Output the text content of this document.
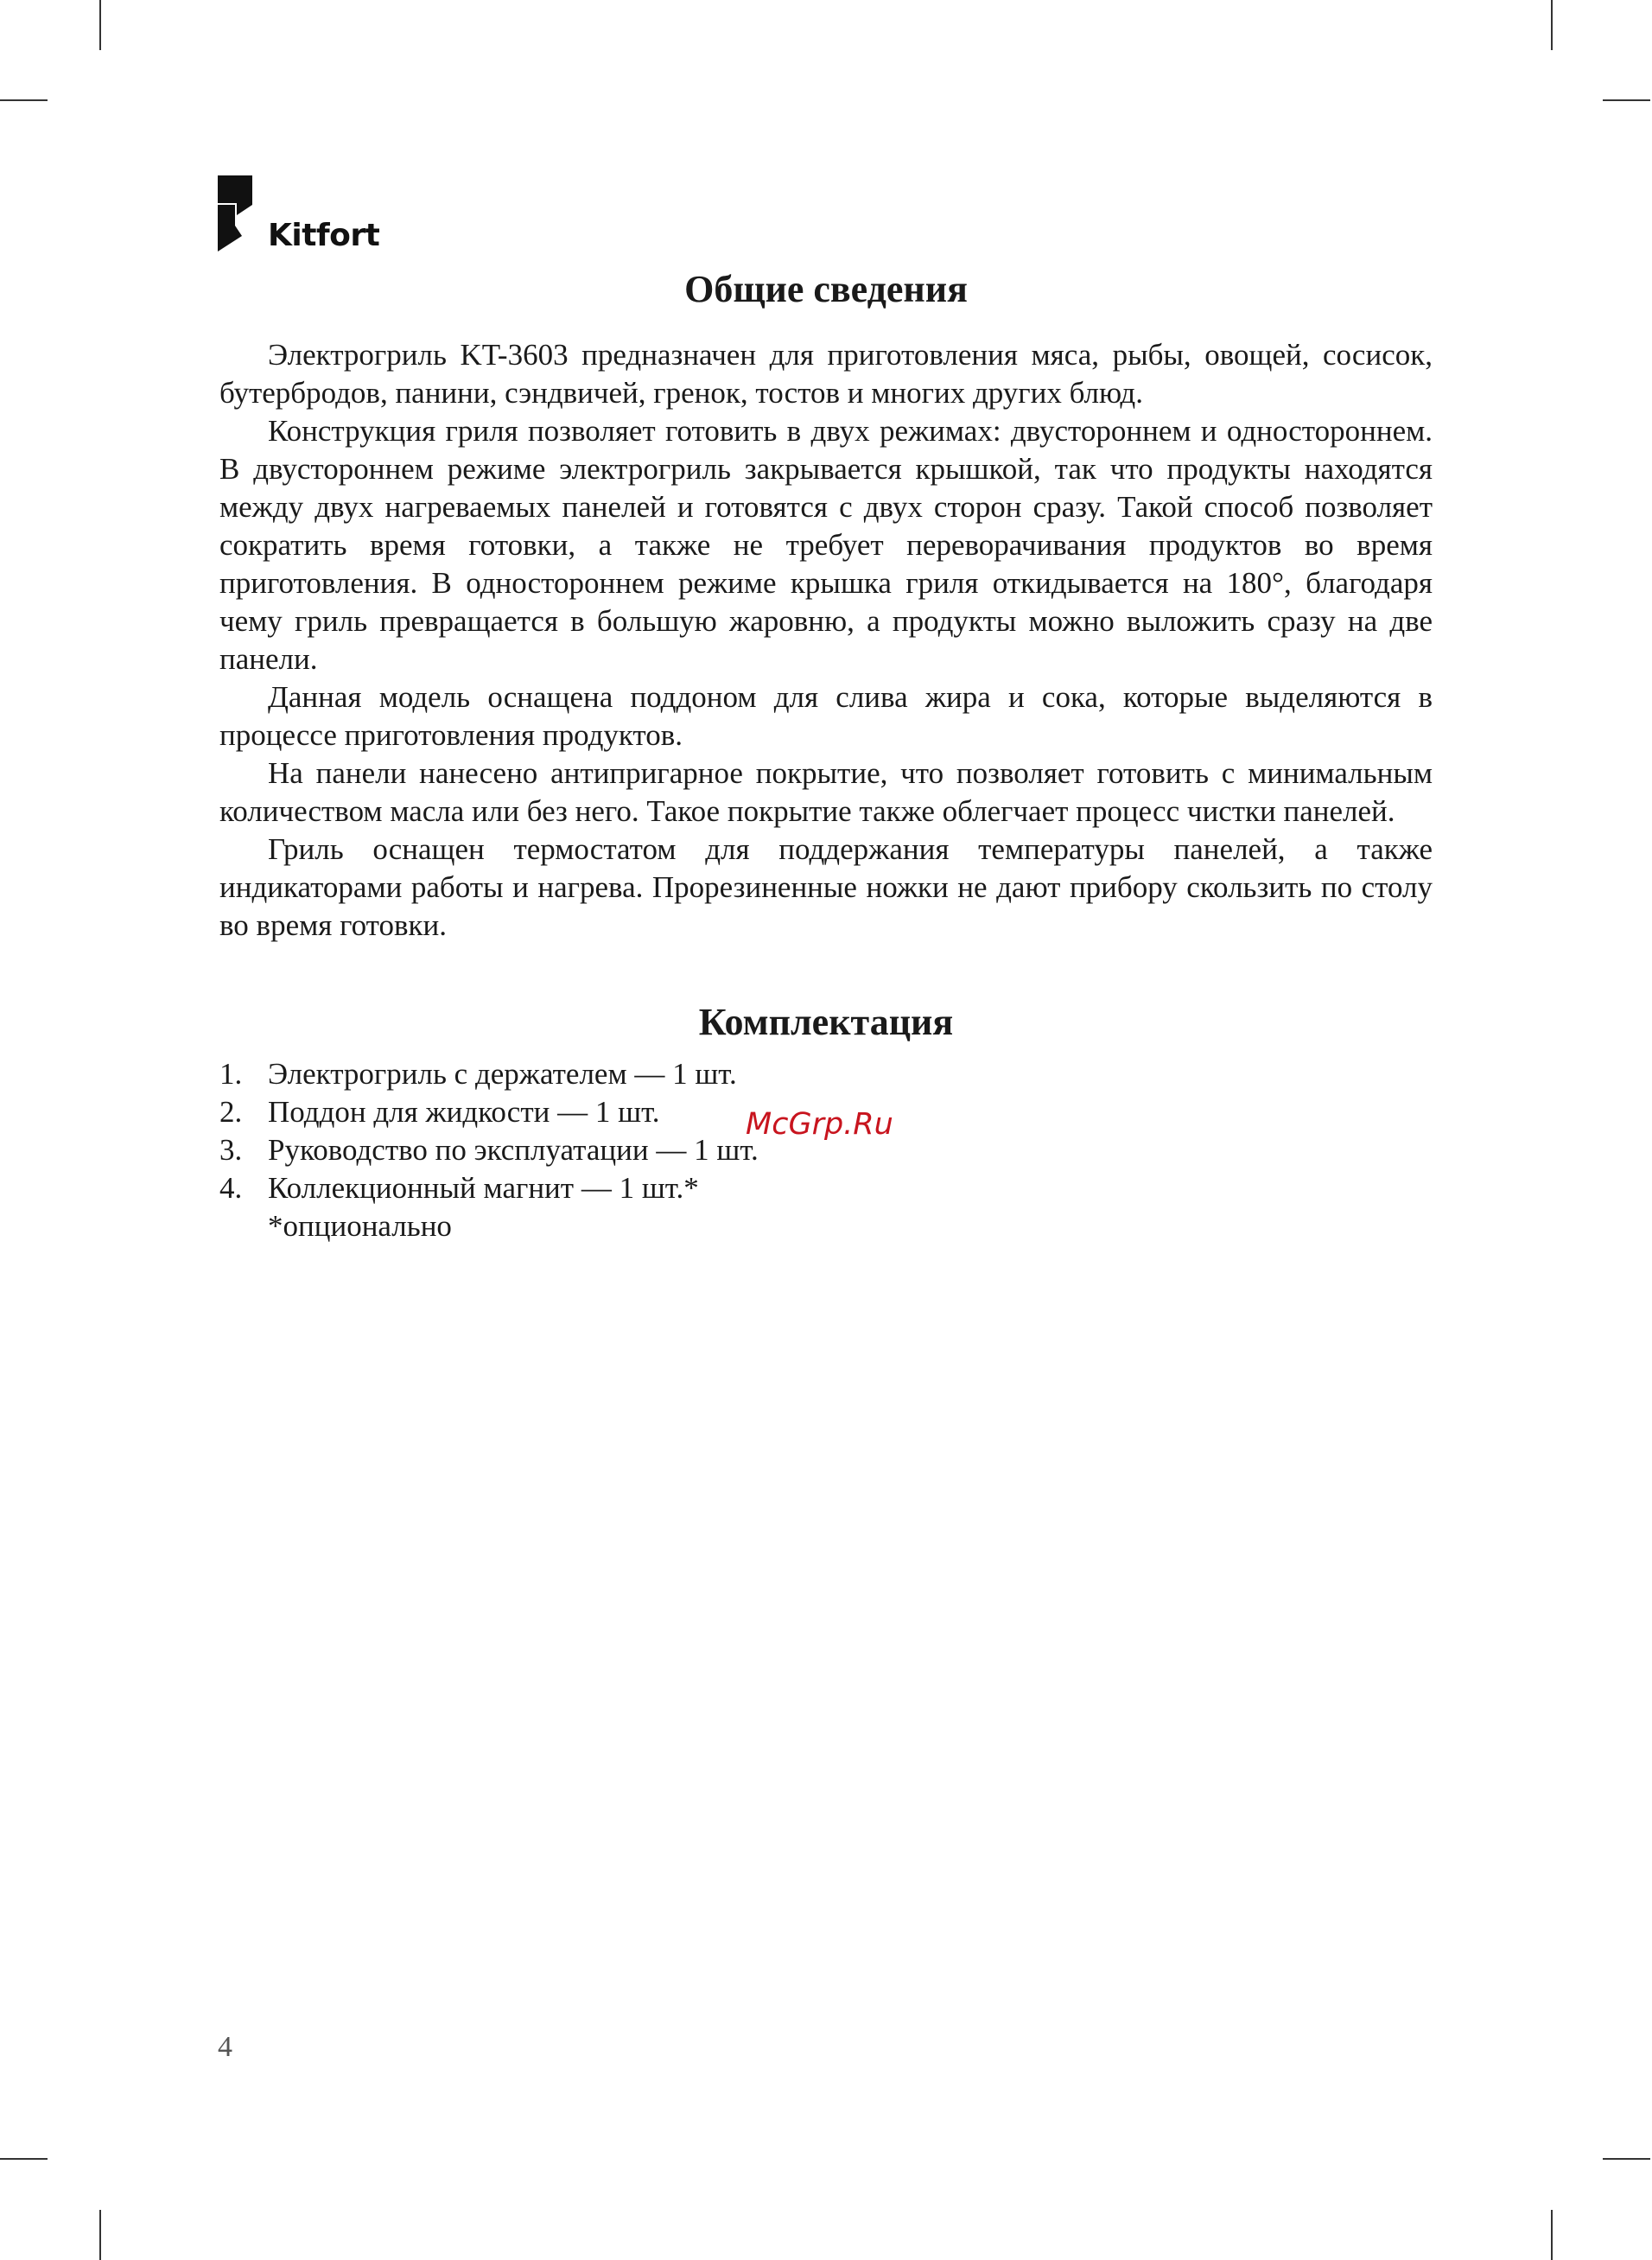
Kitfort
Общие сведения

Электрогриль KT-3603 предназначен для приготовления мяса, рыбы, овощей, сосисок, бутербродов, панини, сэндвичей, гренок, тостов и многих других блюд.

Конструкция гриля позволяет готовить в двух режимах: двустороннем и одностороннем. В двустороннем режиме электрогриль закрывается крышкой, так что продукты находятся между двух нагреваемых панелей и готовятся с двух сторон сразу. Такой способ позволяет сократить время готовки, а также не требует переворачивания продуктов во время приготовления. В одностороннем режиме крышка гриля откидывается на 180°, благодаря чему гриль превращается в большую жаровню, а продукты можно выложить сразу на две панели.

Данная модель оснащена поддоном для слива жира и сока, которые выделяются в процессе приготовления продуктов.

На панели нанесено антипригарное покрытие, что позволяет готовить с минимальным количеством масла или без него. Такое покрытие также облегчает процесс чистки панелей.

Гриль оснащен термостатом для поддержания температуры панелей, а также индикаторами работы и нагрева. Прорезиненные ножки не дают прибору скользить по столу во время готовки.

Комплектация
1. Электрогриль с держателем — 1 шт.
2. Поддон для жидкости — 1 шт.
3. Руководство по эксплуатации — 1 шт.
4. Коллекционный магнит — 1 шт.*
*опционально
McGrp.Ru
4
